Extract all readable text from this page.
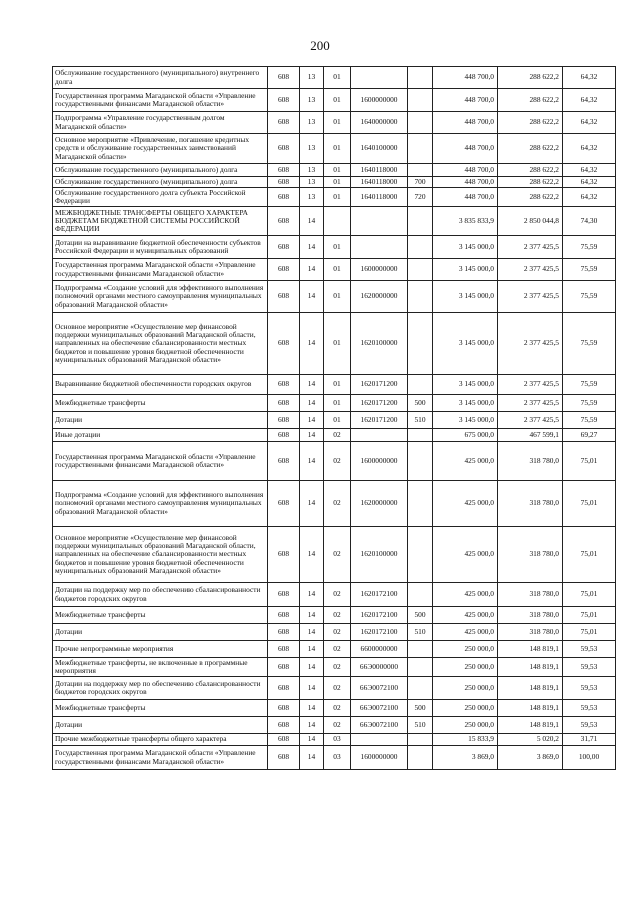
200
Обслуживание государственного (муниципального) внутреннего долга	608	13	01			448 700,0	288 622,2	64,32
Государственная программа Магаданской области «Управление государственными финансами Магаданской области»	608	13	01	1600000000		448 700,0	288 622,2	64,32
Подпрограмма «Управление государственным долгом Магаданской области»	608	13	01	1640000000		448 700,0	288 622,2	64,32
Основное мероприятие «Привлечение, погашение кредитных средств и обслуживание государственных заимствований Магаданской области»	608	13	01	1640100000		448 700,0	288 622,2	64,32
Обслуживание государственного (муниципального) долга	608	13	01	1640118000		448 700,0	288 622,2	64,32
Обслуживание государственного (муниципального) долга	608	13	01	1640118000	700	448 700,0	288 622,2	64,32
Обслуживание государственного долга субъекта Российской Федерации	608	13	01	1640118000	720	448 700,0	288 622,2	64,32
МЕЖБЮДЖЕТНЫЕ ТРАНСФЕРТЫ ОБЩЕГО ХАРАКТЕРА БЮДЖЕТАМ БЮДЖЕТНОЙ СИСТЕМЫ РОССИЙСКОЙ ФЕДЕРАЦИИ	608	14				3 835 833,9	2 850 044,8	74,30
Дотации на выравнивание бюджетной обеспеченности субъектов Российской Федерации и муниципальных образований	608	14	01			3 145 000,0	2 377 425,5	75,59
Государственная программа Магаданской области «Управление государственными финансами Магаданской области»	608	14	01	1600000000		3 145 000,0	2 377 425,5	75,59
Подпрограмма «Создание условий для эффективного выполнения полномочий органами местного самоуправления муниципальных образований Магаданской области»	608	14	01	1620000000		3 145 000,0	2 377 425,5	75,59
Основное мероприятие «Осуществление мер финансовой поддержки муниципальных образований Магаданской области, направленных на обеспечение сбалансированности местных бюджетов и повышение уровня бюджетной обеспеченности муниципальных образований Магаданской области»	608	14	01	1620100000		3 145 000,0	2 377 425,5	75,59
Выравнивание бюджетной обеспеченности городских округов	608	14	01	1620171200		3 145 000,0	2 377 425,5	75,59
Межбюджетные трансферты	608	14	01	1620171200	500	3 145 000,0	2 377 425,5	75,59
Дотации	608	14	01	1620171200	510	3 145 000,0	2 377 425,5	75,59
Иные дотации	608	14	02			675 000,0	467 599,1	69,27
Государственная программа Магаданской области «Управление государственными финансами Магаданской области»	608	14	02	1600000000		425 000,0	318 780,0	75,01
Подпрограмма «Создание условий для эффективного выполнения полномочий органами местного самоуправления муниципальных образований Магаданской области»	608	14	02	1620000000		425 000,0	318 780,0	75,01
Основное мероприятие «Осуществление мер финансовой поддержки муниципальных образований Магаданской области, направленных на обеспечение сбалансированности местных бюджетов и повышение уровня бюджетной обеспеченности муниципальных образований Магаданской области»	608	14	02	1620100000		425 000,0	318 780,0	75,01
Дотации на поддержку мер по обеспечению сбалансированности бюджетов городских округов	608	14	02	1620172100		425 000,0	318 780,0	75,01
Межбюджетные трансферты	608	14	02	1620172100	500	425 000,0	318 780,0	75,01
Дотации	608	14	02	1620172100	510	425 000,0	318 780,0	75,01
Прочие непрограммные мероприятия	608	14	02	6600000000		250 000,0	148 819,1	59,53
Межбюджетные трансферты, не включенные в программные мероприятия	608	14	02	66Э0000000		250 000,0	148 819,1	59,53
Дотации на поддержку мер по обеспечению сбалансированности бюджетов городских округов	608	14	02	66Э0072100		250 000,0	148 819,1	59,53
Межбюджетные трансферты	608	14	02	66Э0072100	500	250 000,0	148 819,1	59,53
Дотации	608	14	02	66Э0072100	510	250 000,0	148 819,1	59,53
Прочие межбюджетные трансферты общего характера	608	14	03			15 833,9	5 020,2	31,71
Государственная программа Магаданской области «Управление государственными финансами Магаданской области»	608	14	03	1600000000		3 869,0	3 869,0	100,00
